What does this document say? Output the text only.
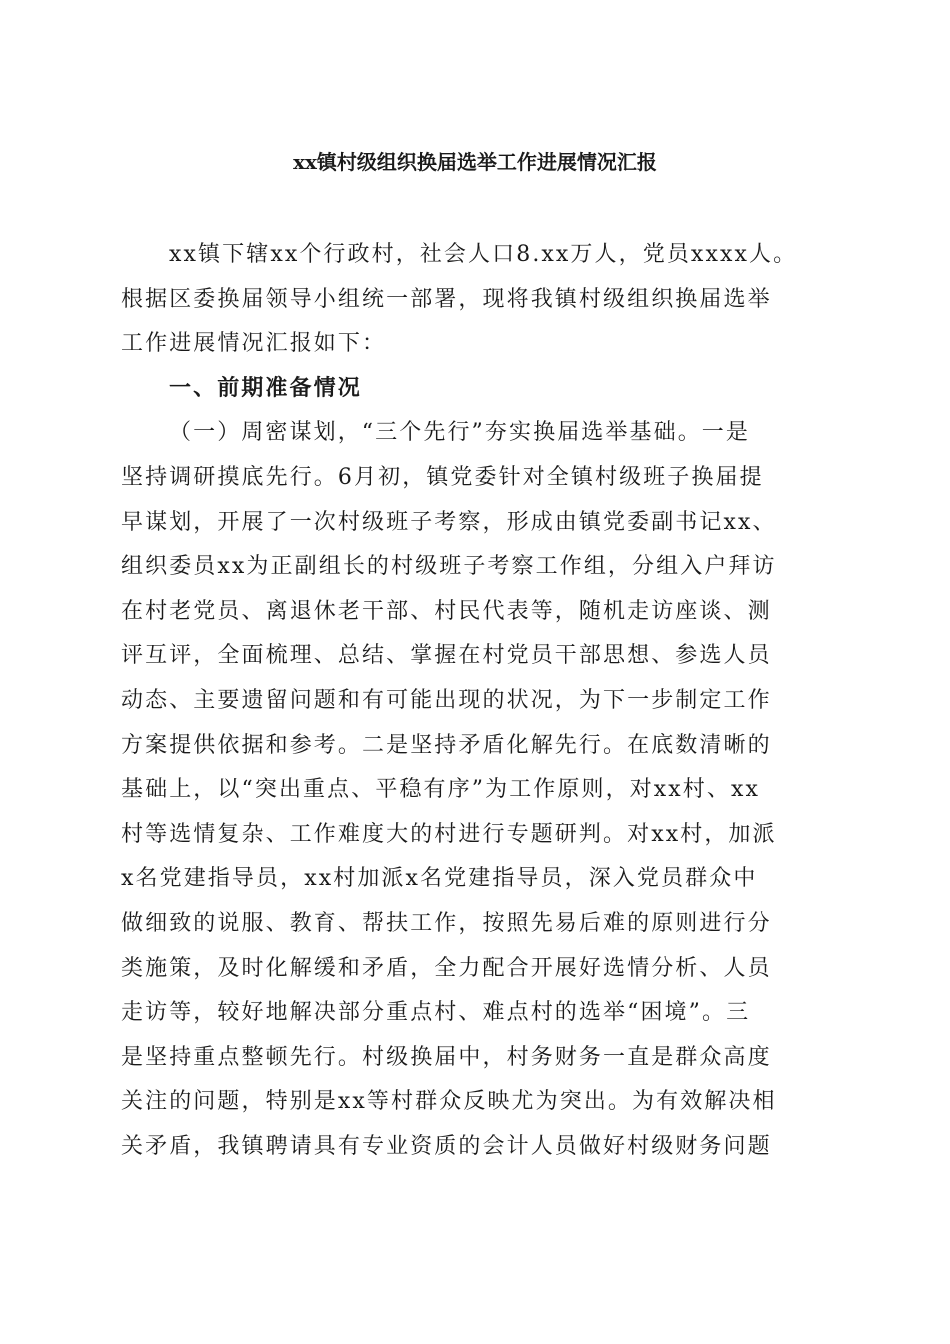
xx镇村级组织换届选举工作进展情况汇报
xx镇下辖xx个行政村，社会人口8.xx万人，党员xxxx人。
根据区委换届领导小组统一部署，现将我镇村级组织换届选举
工作进展情况汇报如下：
一、前期准备情况
（一）周密谋划，“三个先行”夯实换届选举基础。一是
坚持调研摸底先行。6月初，镇党委针对全镇村级班子换届提
早谋划，开展了一次村级班子考察，形成由镇党委副书记xx、
组织委员xx为正副组长的村级班子考察工作组，分组入户拜访
在村老党员、离退休老干部、村民代表等，随机走访座谈、测
评互评，全面梳理、总结、掌握在村党员干部思想、参选人员
动态、主要遗留问题和有可能出现的状况，为下一步制定工作
方案提供依据和参考。二是坚持矛盾化解先行。在底数清晰的
基础上，以“突出重点、平稳有序”为工作原则，对xx村、xx
村等选情复杂、工作难度大的村进行专题研判。对xx村，加派
x名党建指导员，xx村加派x名党建指导员，深入党员群众中
做细致的说服、教育、帮扶工作，按照先易后难的原则进行分
类施策，及时化解缓和矛盾，全力配合开展好选情分析、人员
走访等，较好地解决部分重点村、难点村的选举“困境”。三
是坚持重点整顿先行。村级换届中，村务财务一直是群众高度
关注的问题，特别是xx等村群众反映尤为突出。为有效解决相
关矛盾，我镇聘请具有专业资质的会计人员做好村级财务问题
